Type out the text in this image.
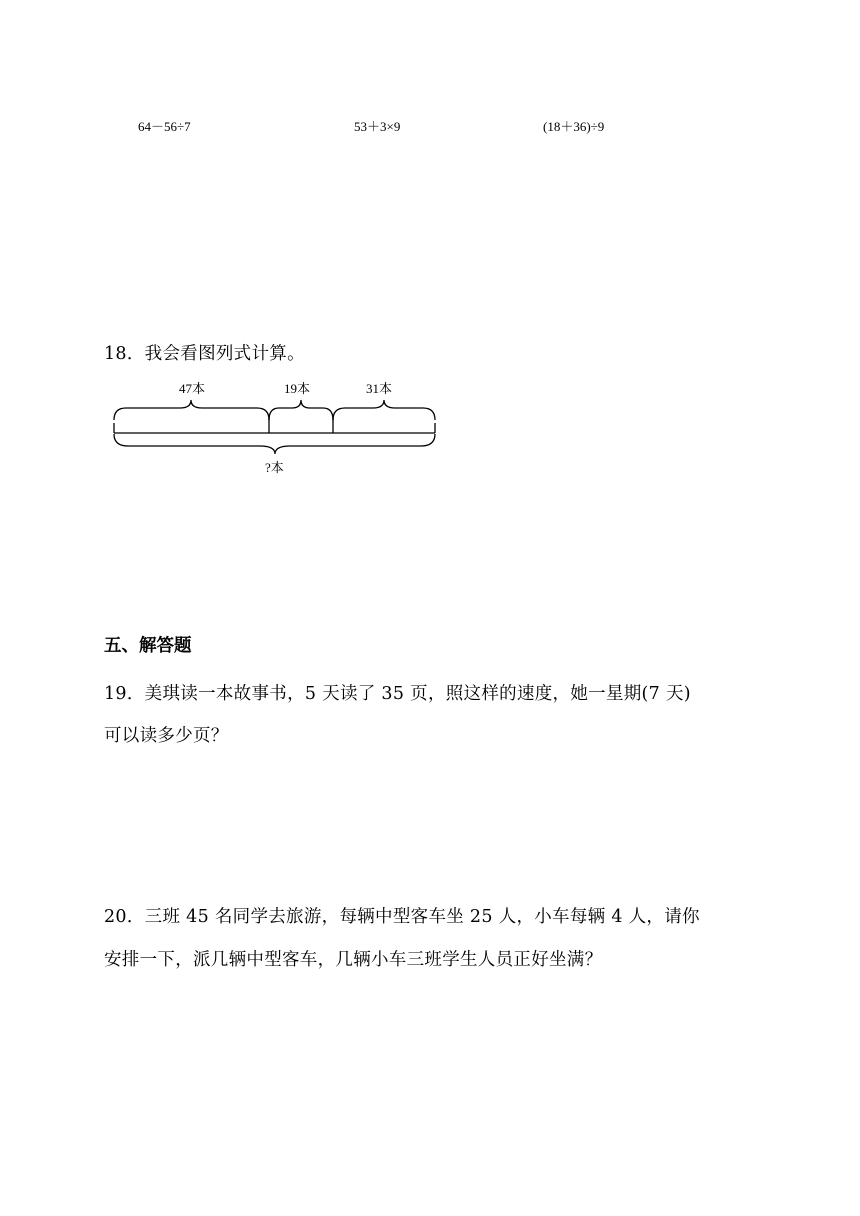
64－56÷7	53＋3×9	(18＋36)÷9
18．我会看图列式计算。
47本	19本	31本
?本
五、解答题
19．美琪读一本故事书，5 天读了 35 页，照这样的速度，她一星期(7 天)
可以读多少页？
20．三班 45 名同学去旅游，每辆中型客车坐 25 人，小车每辆 4 人，请你
安排一下，派几辆中型客车，几辆小车三班学生人员正好坐满？
